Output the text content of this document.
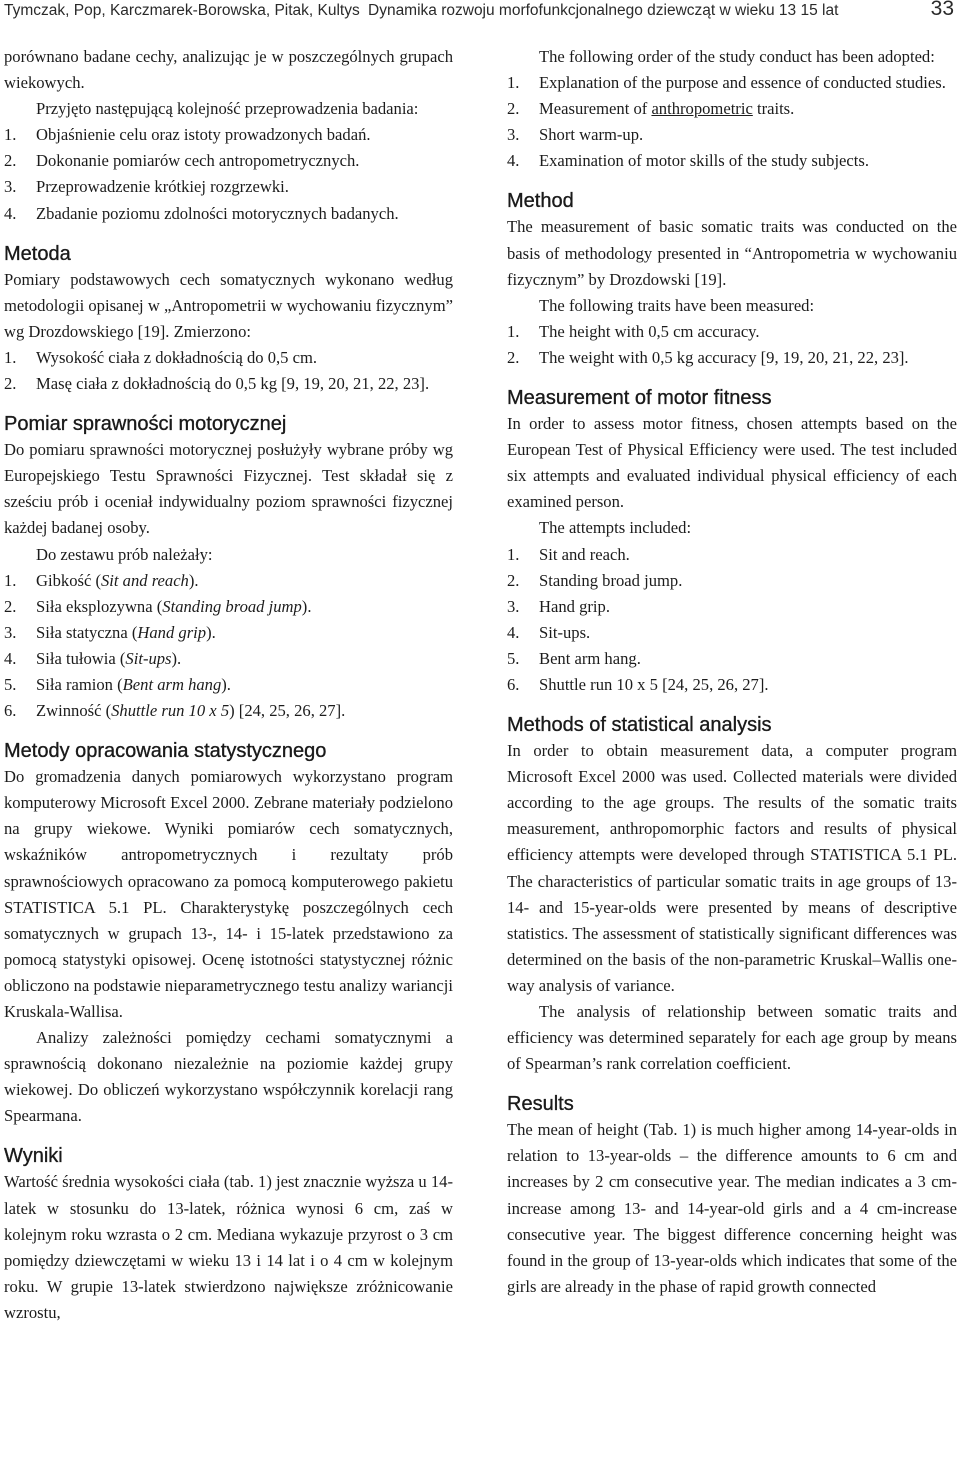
Tymczak, Pop, Karczmarek-Borowska, Pitak, Kultys Dynamika rozwoju morfofunkcjonalnego dziewcząt w wieku 13 15 lat	33

porównano badane cechy, analizując je w poszczególnych grupach wiekowych.

Przyjęto następującą kolejność przeprowadzenia badania:

1. Objaśnienie celu oraz istoty prowadzonych badań.
2. Dokonanie pomiarów cech antropometrycznych.
3. Przeprowadzenie krótkiej rozgrzewki.
4. Zbadanie poziomu zdolności motorycznych badanych.
Metoda

Pomiary podstawowych cech somatycznych wykonano według metodologii opisanej w „Antropometrii w wychowaniu fizycznym” wg Drozdowskiego [19]. Zmierzono:

1. Wysokość ciała z dokładnością do 0,5 cm.
2. Masę ciała z dokładnością do 0,5 kg [9, 19, 20, 21, 22, 23].
Pomiar sprawności motorycznej

Do pomiaru sprawności motorycznej posłużyły wybrane próby wg Europejskiego Testu Sprawności Fizycznej. Test składał się z sześciu prób i oceniał indywidualny poziom sprawności fizycznej każdej badanej osoby.

Do zestawu prób należały:

1. Gibkość (Sit and reach).
2. Siła eksplozywna (Standing broad jump).
3. Siła statyczna (Hand grip).
4. Siła tułowia (Sit-ups).
5. Siła ramion (Bent arm hang).
6. Zwinność (Shuttle run 10 x 5) [24, 25, 26, 27].
Metody opracowania statystycznego

Do gromadzenia danych pomiarowych wykorzystano program komputerowy Microsoft Excel 2000. Zebrane materiały podzielono na grupy wiekowe. Wyniki pomiarów cech somatycznych, wskaźników antropometrycznych i rezultaty prób sprawnościowych opracowano za pomocą komputerowego pakietu STATISTICA 5.1 PL. Charakterystykę poszczególnych cech somatycznych w grupach 13-, 14- i 15-latek przedstawiono za pomocą statystyki opisowej. Ocenę istotności statystycznej różnic obliczono na podstawie nieparametrycznego testu analizy wariancji Kruskala-Wallisa.

Analizy zależności pomiędzy cechami somatycznymi a sprawnością dokonano niezależnie na poziomie każdej grupy wiekowej. Do obliczeń wykorzystano współczynnik korelacji rang Spearmana.

Wyniki

Wartość średnia wysokości ciała (tab. 1) jest znacznie wyższa u 14-latek w stosunku do 13-latek, różnica wynosi 6 cm, zaś w kolejnym roku wzrasta o 2 cm. Mediana wykazuje przyrost o 3 cm pomiędzy dziewczętami w wieku 13 i 14 lat i o 4 cm w kolejnym roku. W grupie 13-latek stwierdzono największe zróżnicowanie wzrostu,

The following order of the study conduct has been adopted:

1. Explanation of the purpose and essence of conducted studies.
2. Measurement of anthropometric traits.
3. Short warm-up.
4. Examination of motor skills of the study subjects.
Method

The measurement of basic somatic traits was conducted on the basis of methodology presented in “Antropometria w wychowaniu fizycznym” by Drozdowski [19].

The following traits have been measured:

1. The height with 0,5 cm accuracy.
2. The weight with 0,5 kg accuracy [9, 19, 20, 21, 22, 23].
Measurement of motor fitness

In order to assess motor fitness, chosen attempts based on the European Test of Physical Efficiency were used. The test included six attempts and evaluated individual physical efficiency of each examined person.

The attempts included:

1. Sit and reach.
2. Standing broad jump.
3. Hand grip.
4. Sit-ups.
5. Bent arm hang.
6. Shuttle run 10 x 5 [24, 25, 26, 27].
Methods of statistical analysis

In order to obtain measurement data, a computer program Microsoft Excel 2000 was used. Collected materials were divided according to the age groups. The results of the somatic traits measurement, anthropomorphic factors and results of physical efficiency attempts were developed through STATISTICA 5.1 PL. The characteristics of particular somatic traits in age groups of 13-14- and 15-year-olds were presented by means of descriptive statistics. The assessment of statistically significant differences was determined on the basis of the non-parametric Kruskal–Wallis one-way analysis of variance.

The analysis of relationship between somatic traits and efficiency was determined separately for each age group by means of Spearman’s rank correlation coefficient.

Results

The mean of height (Tab. 1) is much higher among 14-year-olds in relation to 13-year-olds – the difference amounts to 6 cm and increases by 2 cm consecutive year. The median indicates a 3 cm-increase among 13- and 14-year-old girls and a 4 cm-increase consecutive year. The biggest difference concerning height was found in the group of 13-year-olds which indicates that some of the girls are already in the phase of rapid growth connected
